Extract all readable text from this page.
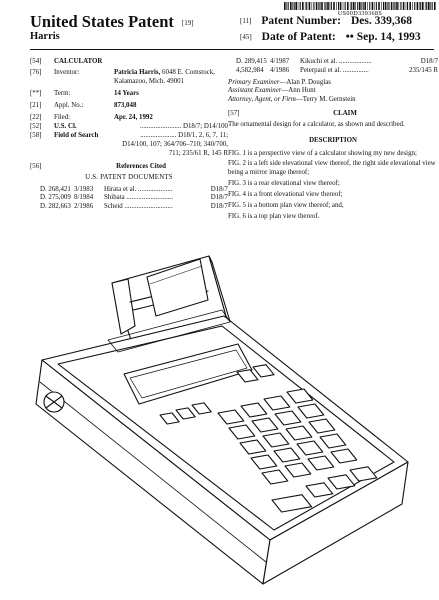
US00D339368S
United States Patent [19]
Harris
[11] Patent Number: Des. 339,368
[45] Date of Patent: •• Sep. 14, 1993
[54]	CALCULATOR
[76]	Inventor:	Patricia Harris, 6048 E. Comstock, Kalamazoo, Mich. 49001
[**]	Term:	14 Years
[21]	Appl. No.:	873,048
[22]	Filed:	Apr. 24, 1992
[52]	U.S. Cl.	........................ D18/7; D14/100
[58]	Field of Search	..................... D18/1, 2, 6, 7, 11; D14/100, 107; 364/706–710; 340/700, 711; 235/61 R, 145 R
[56]	References Cited
U.S. PATENT DOCUMENTS
D. 268,421 3/1983	Hirata et al. ....................	D18/7
D. 275,009 8/1984	Shibata ...........................	D18/7
D. 282,663 2/1986	Scheid ............................	D18/7
D. 289,415 4/1987	Kikuchi et al. ...................	D18/7
4,582,984 4/1986	Peterpaul et al. ...............	235/145 R
Primary Examiner—Alan P. Douglas
Assistant Examiner—Ann Hunt
Attorney, Agent, or Firm—Terry M. Gernstein
[57]	CLAIM
The ornamental design for a calculator, as shown and described.
DESCRIPTION
FIG. 1 is a perspective view of a calculator showing my new design;
FIG. 2 is a left side elevational view thereof, the right side elevational view being a mirror image thereof;
FIG. 3 is a rear elevational view thereof;
FIG. 4 is a front elevational view thereof;
FIG. 5 is a bottom plan view thereof; and,
FIG. 6 is a top plan view thereof.
